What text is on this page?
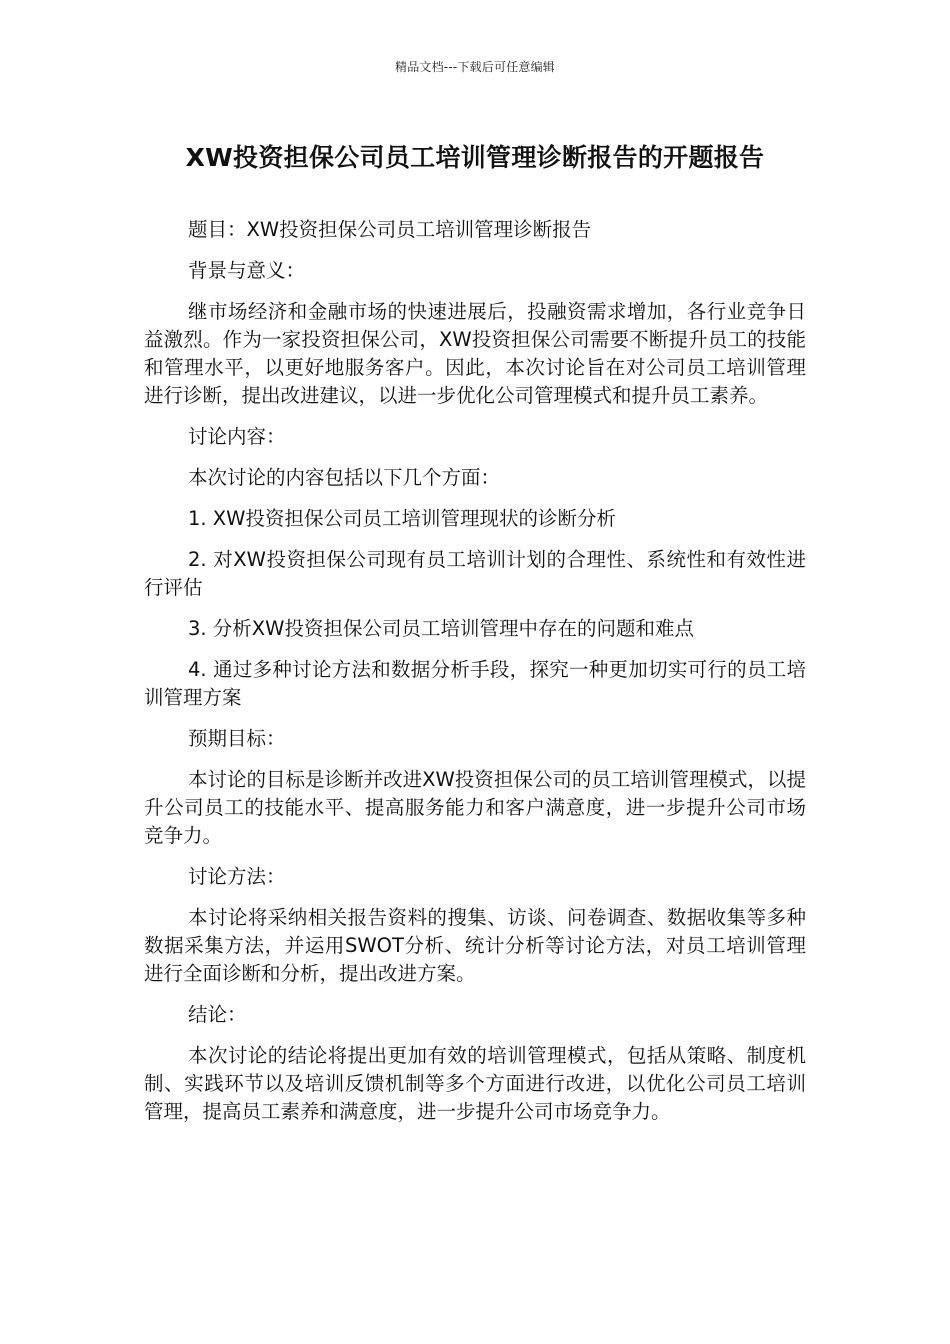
精品文档---下载后可任意编辑
XW投资担保公司员工培训管理诊断报告的开题报告

题目：XW投资担保公司员工培训管理诊断报告

背景与意义：

继市场经济和金融市场的快速进展后，投融资需求增加，各行业竞争日益激烈。作为一家投资担保公司，XW投资担保公司需要不断提升员工的技能和管理水平，以更好地服务客户。因此，本次讨论旨在对公司员工培训管理进行诊断，提出改进建议，以进一步优化公司管理模式和提升员工素养。

讨论内容：

本次讨论的内容包括以下几个方面：

1. XW投资担保公司员工培训管理现状的诊断分析

2. 对XW投资担保公司现有员工培训计划的合理性、系统性和有效性进行评估

3. 分析XW投资担保公司员工培训管理中存在的问题和难点

4. 通过多种讨论方法和数据分析手段，探究一种更加切实可行的员工培训管理方案

预期目标：

本讨论的目标是诊断并改进XW投资担保公司的员工培训管理模式，以提升公司员工的技能水平、提高服务能力和客户满意度，进一步提升公司市场竞争力。

讨论方法：

本讨论将采纳相关报告资料的搜集、访谈、问卷调查、数据收集等多种数据采集方法，并运用SWOT分析、统计分析等讨论方法，对员工培训管理进行全面诊断和分析，提出改进方案。

结论：

本次讨论的结论将提出更加有效的培训管理模式，包括从策略、制度机制、实践环节以及培训反馈机制等多个方面进行改进，以优化公司员工培训管理，提高员工素养和满意度，进一步提升公司市场竞争力。
